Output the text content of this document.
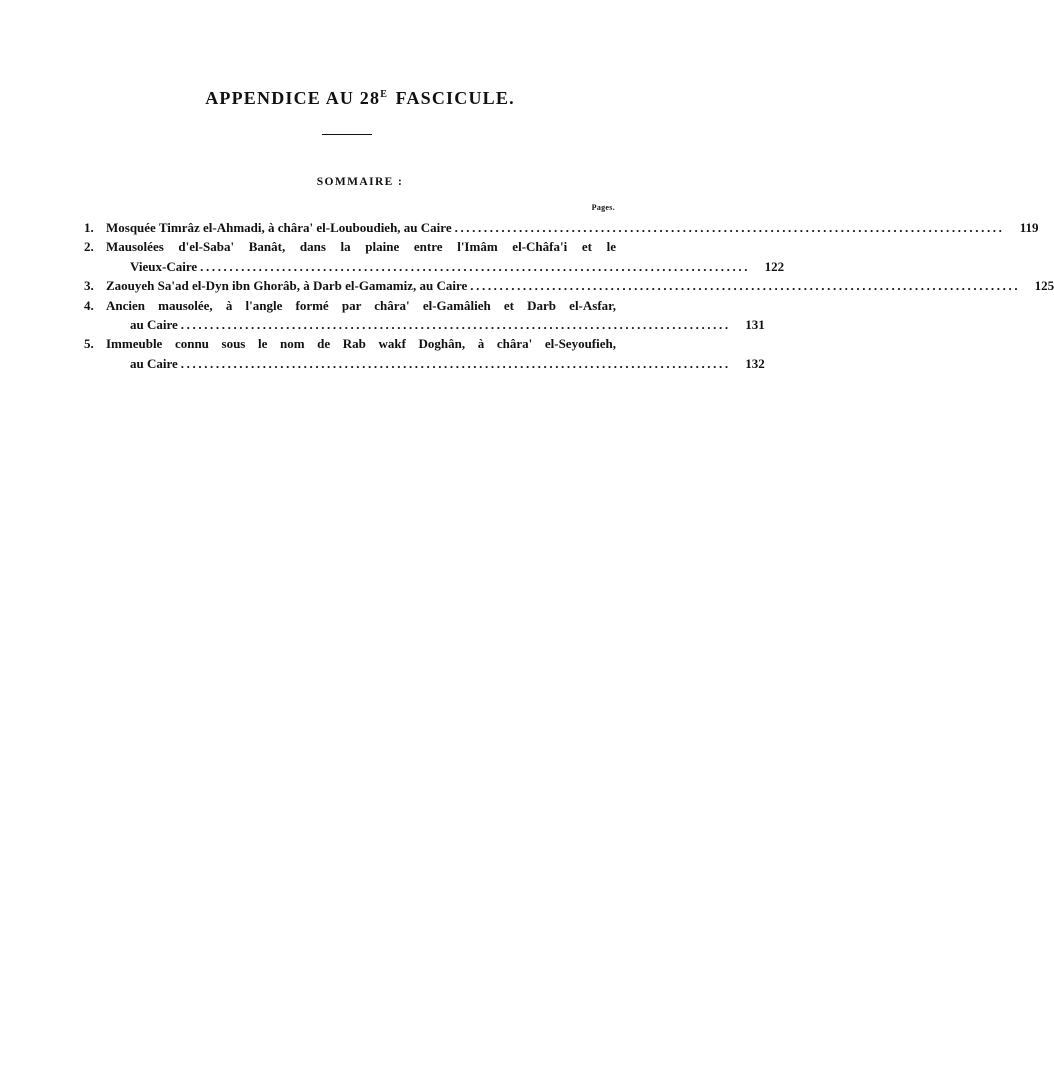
APPENDICE AU $28^E$ FASCICULE.
SOMMAIRE :
Pages.
1. Mosquée Timrâz el-Ahmadi, à châra' el-Louboudieh, au Caire ..............................................................................................	119
2. Mausolées d'el-Saba' Banât, dans la plaine entre l'Imâm el-Châfa'i et le
Vieux-Caire ..............................................................................................	122
3. Zaouyeh Sa'ad el-Dyn ibn Ghorâb, à Darb el-Gamamiz, au Caire ..............................................................................................	125
4. Ancien mausolée, à l'angle formé par châra' el-Gamâlieh et Darb el-Asfar,
au Caire ..............................................................................................	131
5. Immeuble connu sous le nom de Rab wakf Doghân, à châra' el-Seyoufieh,
au Caire ..............................................................................................	132
